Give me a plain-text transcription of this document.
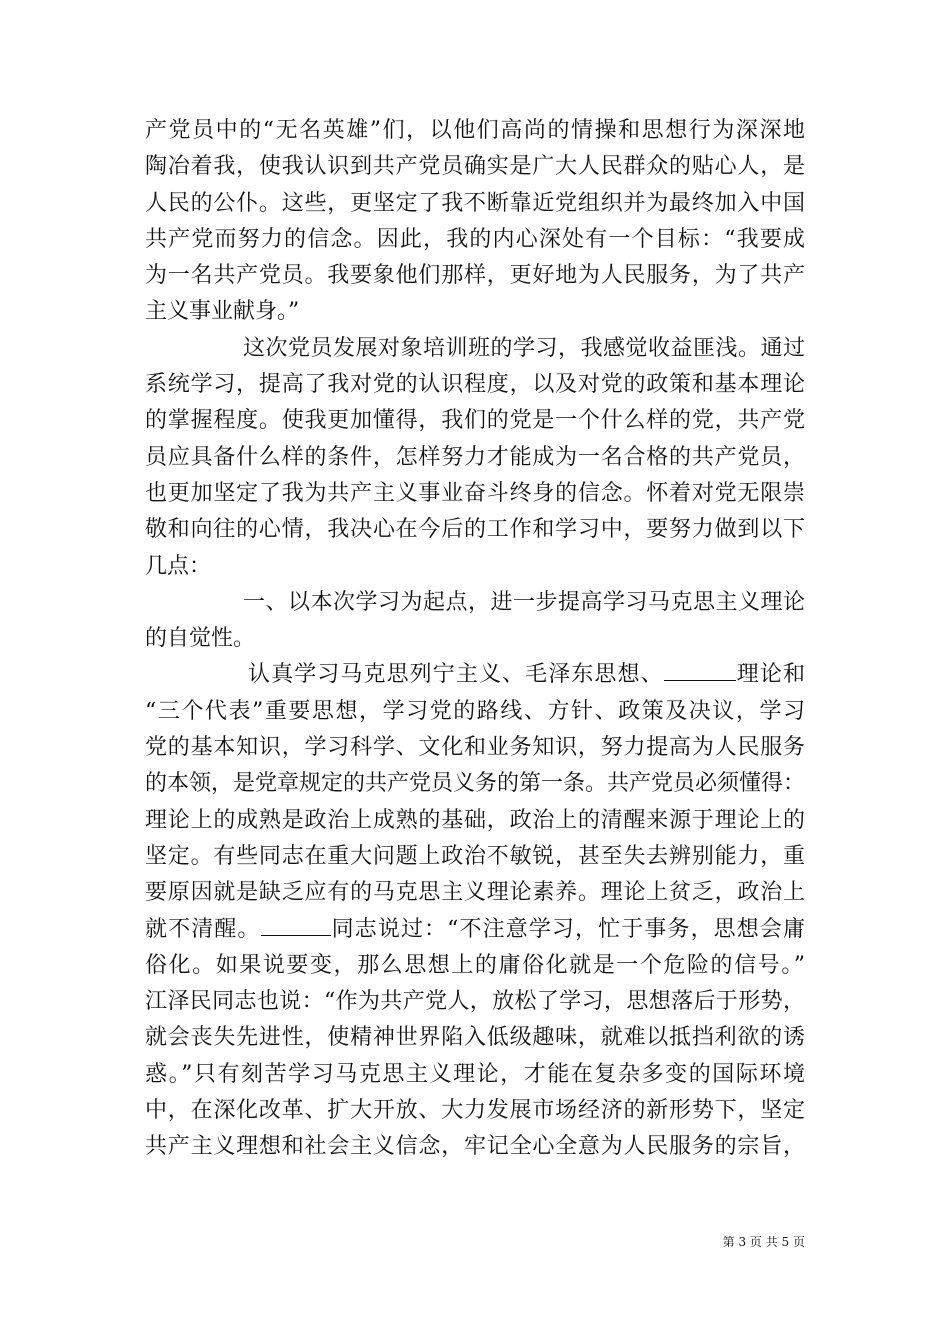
产党员中的“无名英雄”们，以他们高尚的情操和思想行为深深地
陶冶着我，使我认识到共产党员确实是广大人民群众的贴心人，是
人民的公仆。这些，更坚定了我不断靠近党组织并为最终加入中国
共产党而努力的信念。因此，我的内心深处有一个目标：“我要成
为一名共产党员。我要象他们那样，更好地为人民服务，为了共产
主义事业献身。”
这次党员发展对象培训班的学习，我感觉收益匪浅。通过
系统学习，提高了我对党的认识程度，以及对党的政策和基本理论
的掌握程度。使我更加懂得，我们的党是一个什么样的党，共产党
员应具备什么样的条件，怎样努力才能成为一名合格的共产党员，
也更加坚定了我为共产主义事业奋斗终身的信念。怀着对党无限崇
敬和向往的心情，我决心在今后的工作和学习中，要努力做到以下
几点：
一、以本次学习为起点，进一步提高学习马克思主义理论
的自觉性。
认真学习马克思列宁主义、毛泽东思想、	理论和
“三个代表”重要思想，学习党的路线、方针、政策及决议，学习
党的基本知识，学习科学、文化和业务知识，努力提高为人民服务
的本领，是党章规定的共产党员义务的第一条。共产党员必须懂得：
理论上的成熟是政治上成熟的基础，政治上的清醒来源于理论上的
坚定。有些同志在重大问题上政治不敏锐，甚至失去辨别能力，重
要原因就是缺乏应有的马克思主义理论素养。理论上贫乏，政治上
就不清醒。	同志说过：“不注意学习，忙于事务，思想会庸
俗化。如果说要变，那么思想上的庸俗化就是一个危险的信号。”
江泽民同志也说：“作为共产党人，放松了学习，思想落后于形势，
就会丧失先进性，使精神世界陷入低级趣味，就难以抵挡利欲的诱
惑。”只有刻苦学习马克思主义理论，才能在复杂多变的国际环境
中，在深化改革、扩大开放、大力发展市场经济的新形势下，坚定
共产主义理想和社会主义信念，牢记全心全意为人民服务的宗旨，
第 3 页 共 5 页
